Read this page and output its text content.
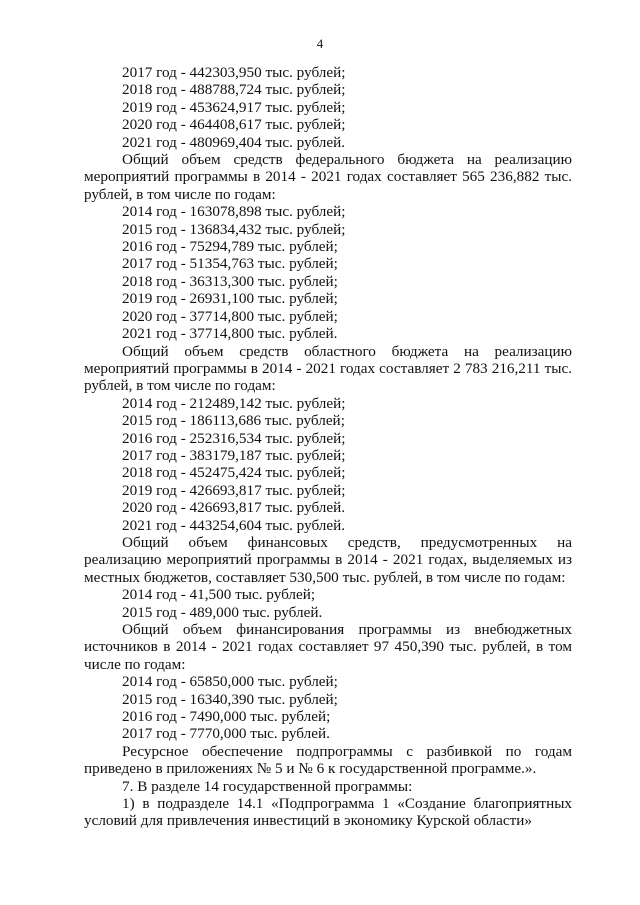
4

2017 год - 442303,950 тыс. рублей;

2018 год - 488788,724 тыс. рублей;

2019 год - 453624,917 тыс. рублей;

2020 год - 464408,617 тыс. рублей;

2021 год - 480969,404 тыс. рублей.

Общий объем средств федерального бюджета на реализацию мероприятий программы в 2014 - 2021 годах составляет 565 236,882 тыс. рублей, в том числе по годам:

2014 год - 163078,898 тыс. рублей;

2015 год - 136834,432 тыс. рублей;

2016 год - 75294,789 тыс. рублей;

2017 год - 51354,763 тыс. рублей;

2018 год - 36313,300 тыс. рублей;

2019 год - 26931,100 тыс. рублей;

2020 год - 37714,800 тыс. рублей;

2021 год - 37714,800 тыс. рублей.

Общий объем средств областного бюджета на реализацию мероприятий программы в 2014 - 2021 годах составляет 2 783 216,211 тыс. рублей, в том числе по годам:

2014 год - 212489,142 тыс. рублей;

2015 год - 186113,686 тыс. рублей;

2016 год - 252316,534 тыс. рублей;

2017 год - 383179,187 тыс. рублей;

2018 год - 452475,424 тыс. рублей;

2019 год - 426693,817 тыс. рублей;

2020 год - 426693,817 тыс. рублей.

2021 год - 443254,604 тыс. рублей.

Общий объем финансовых средств, предусмотренных на реализацию мероприятий программы в 2014 - 2021 годах, выделяемых из местных бюджетов, составляет 530,500 тыс. рублей, в том числе по годам:

2014 год - 41,500 тыс. рублей;

2015 год - 489,000 тыс. рублей.

Общий объем финансирования программы из внебюджетных источников в 2014 - 2021 годах составляет 97 450,390 тыс. рублей, в том числе по годам:

2014 год - 65850,000 тыс. рублей;

2015 год - 16340,390 тыс. рублей;

2016 год - 7490,000 тыс. рублей;

2017 год - 7770,000 тыс. рублей.

Ресурсное обеспечение подпрограммы с разбивкой по годам приведено в приложениях № 5 и № 6 к государственной программе.».

7. В разделе 14 государственной программы:

1) в подразделе 14.1 «Подпрограмма 1 «Создание благоприятных условий для привлечения инвестиций в экономику Курской области»
